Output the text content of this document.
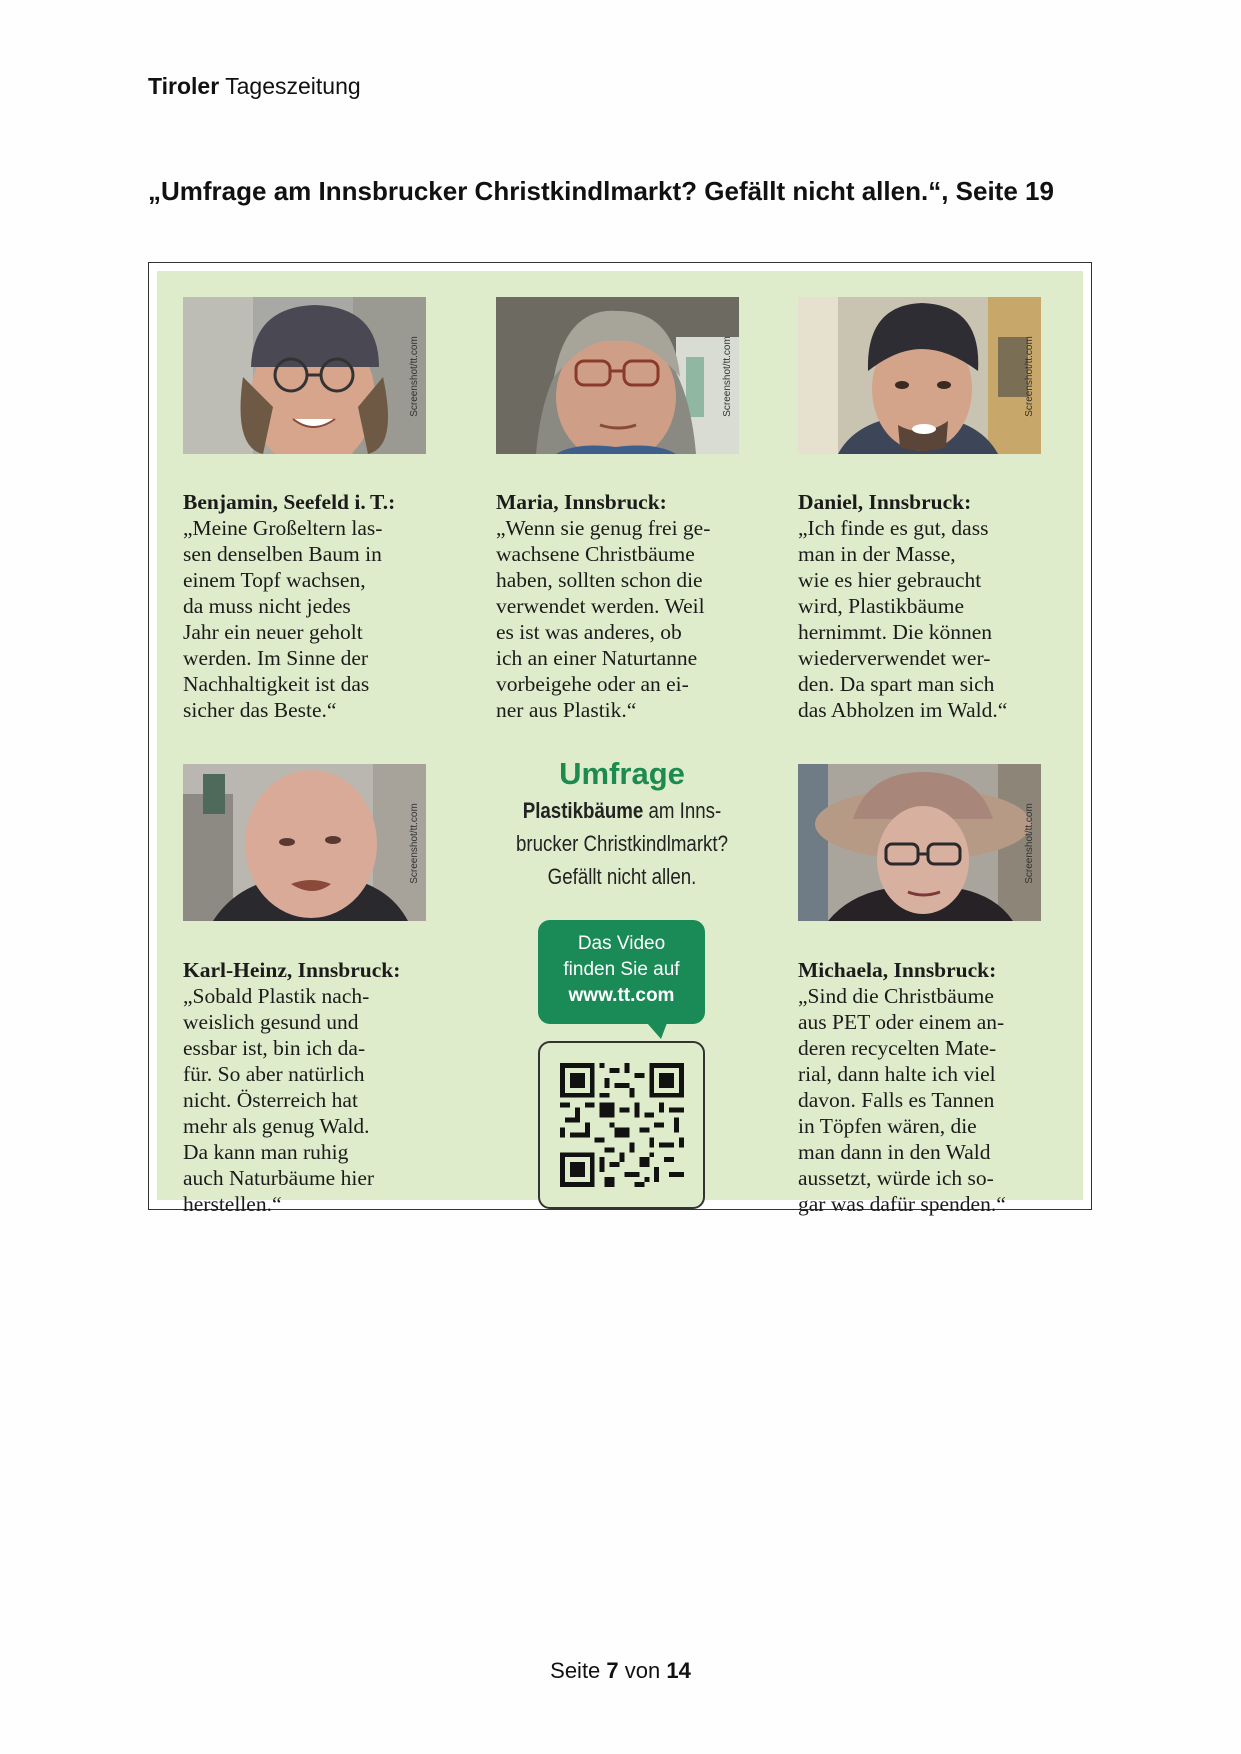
Tiroler Tageszeitung
„Umfrage am Innsbrucker Christkindlmarkt? Gefällt nicht allen.“, Seite 19
Screenshot/tt.com	Screenshot/tt.com	Screenshot/tt.com
Benjamin, Seefeld i. T.:
„Meine Großeltern las-
sen denselben Baum in
einem Topf wachsen,
da muss nicht jedes
Jahr ein neuer geholt
werden. Im Sinne der
Nachhaltigkeit ist das
sicher das Beste.“
Maria, Innsbruck:
„Wenn sie genug frei ge-
wachsene Christbäume
haben, sollten schon die
verwendet werden. Weil
es ist was anderes, ob
ich an einer Naturtanne
vorbeigehe oder an ei-
ner aus Plastik.“
Daniel, Innsbruck:
„Ich finde es gut, dass
man in der Masse,
wie es hier gebraucht
wird, Plastikbäume
hernimmt. Die können
wiederverwendet wer-
den. Da spart man sich
das Abholzen im Wald.“
Screenshot/tt.com
Umfrage
Plastikbäume am Inns-
brucker Christkindlmarkt?
Gefällt nicht allen.
Das Video
finden Sie auf
www.tt.com
Screenshot/tt.com
Karl-Heinz, Innsbruck:
„Sobald Plastik nach-
weislich gesund und
essbar ist, bin ich da-
für. So aber natürlich
nicht. Österreich hat
mehr als genug Wald.
Da kann man ruhig
auch Naturbäume hier
herstellen.“
Michaela, Innsbruck:
„Sind die Christbäume
aus PET oder einem an-
deren recycelten Mate-
rial, dann halte ich viel
davon. Falls es Tannen
in Töpfen wären, die
man dann in den Wald
aussetzt, würde ich so-
gar was dafür spenden.“
Seite 7 von 14
